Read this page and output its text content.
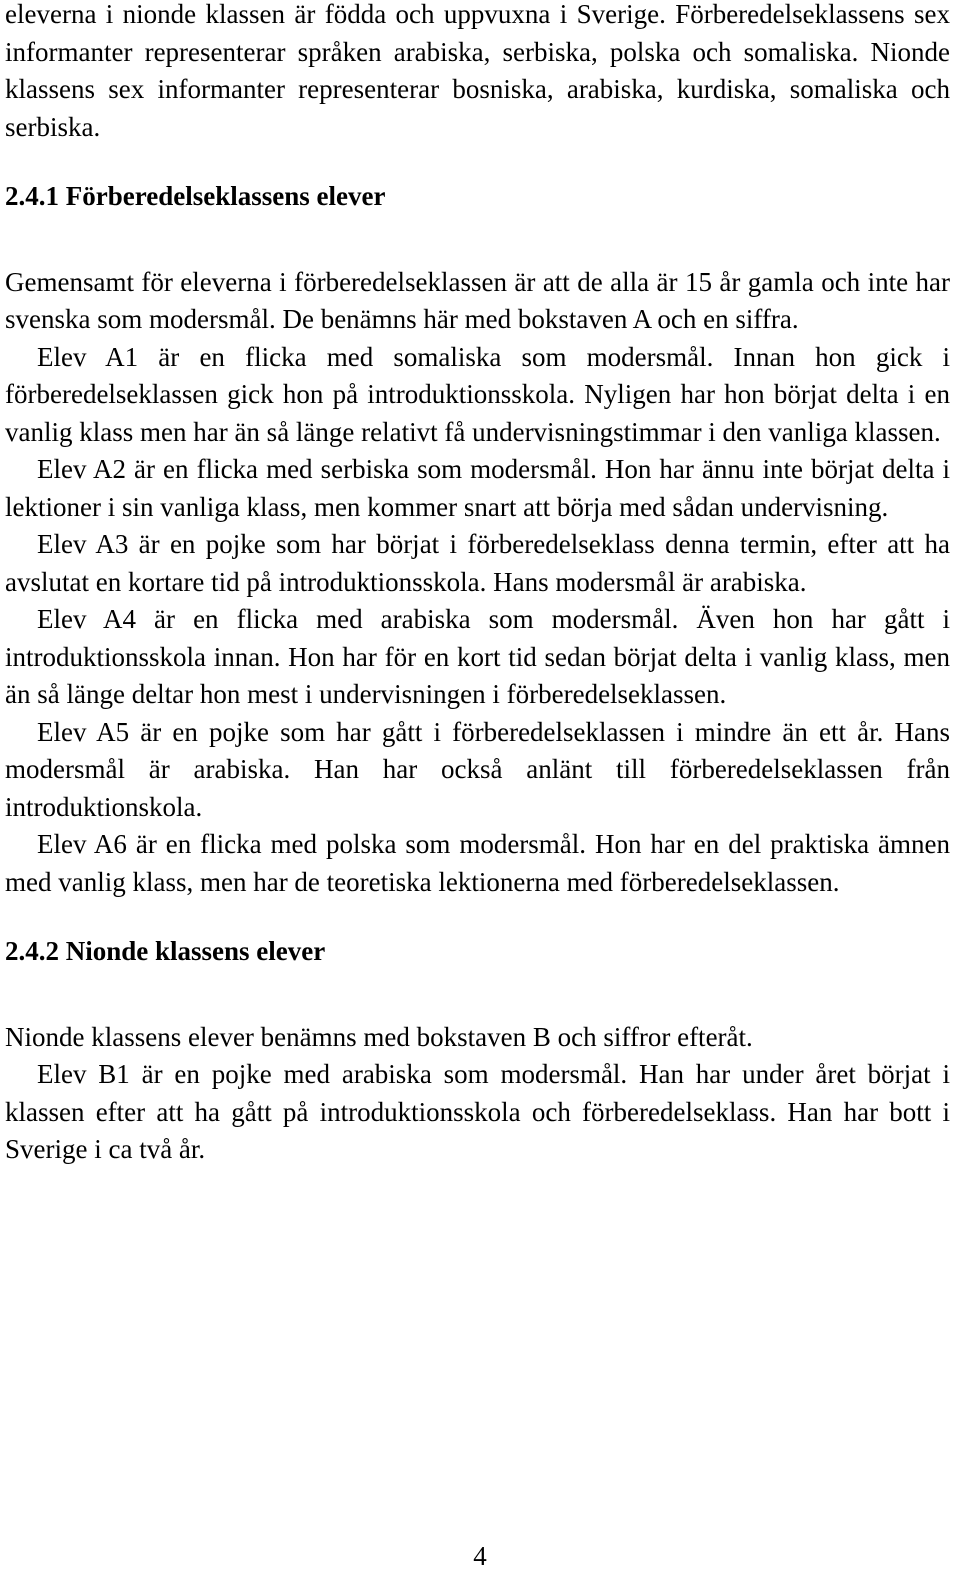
eleverna i nionde klassen är födda och uppvuxna i Sverige. Förberedelseklassens sex informanter representerar språken arabiska, serbiska, polska och somaliska. Nionde klassens sex informanter representerar bosniska, arabiska, kurdiska, somaliska och serbiska.

2.4.1 Förberedelseklassens elever

Gemensamt för eleverna i förberedelseklassen är att de alla är 15 år gamla och inte har svenska som modersmål. De benämns här med bokstaven A och en siffra.

Elev A1 är en flicka med somaliska som modersmål. Innan hon gick i förberedelseklassen gick hon på introduktionsskola. Nyligen har hon börjat delta i en vanlig klass men har än så länge relativt få undervisningstimmar i den vanliga klassen.

Elev A2 är en flicka med serbiska som modersmål. Hon har ännu inte börjat delta i lektioner i sin vanliga klass, men kommer snart att börja med sådan undervisning.

Elev A3 är en pojke som har börjat i förberedelseklass denna termin, efter att ha avslutat en kortare tid på introduktionsskola. Hans modersmål är arabiska.

Elev A4 är en flicka med arabiska som modersmål. Även hon har gått i introduktionsskola innan. Hon har för en kort tid sedan börjat delta i vanlig klass, men än så länge deltar hon mest i undervisningen i förberedelseklassen.

Elev A5 är en pojke som har gått i förberedelseklassen i mindre än ett år. Hans modersmål är arabiska. Han har också anlänt till förberedelseklassen från introduktionskola.

Elev A6 är en flicka med polska som modersmål. Hon har en del praktiska ämnen med vanlig klass, men har de teoretiska lektionerna med förberedelseklassen.

2.4.2 Nionde klassens elever

Nionde klassens elever benämns med bokstaven B och siffror efteråt.

Elev B1 är en pojke med arabiska som modersmål. Han har under året börjat i klassen efter att ha gått på introduktionsskola och förberedelseklass. Han har bott i Sverige i ca två år.

4
